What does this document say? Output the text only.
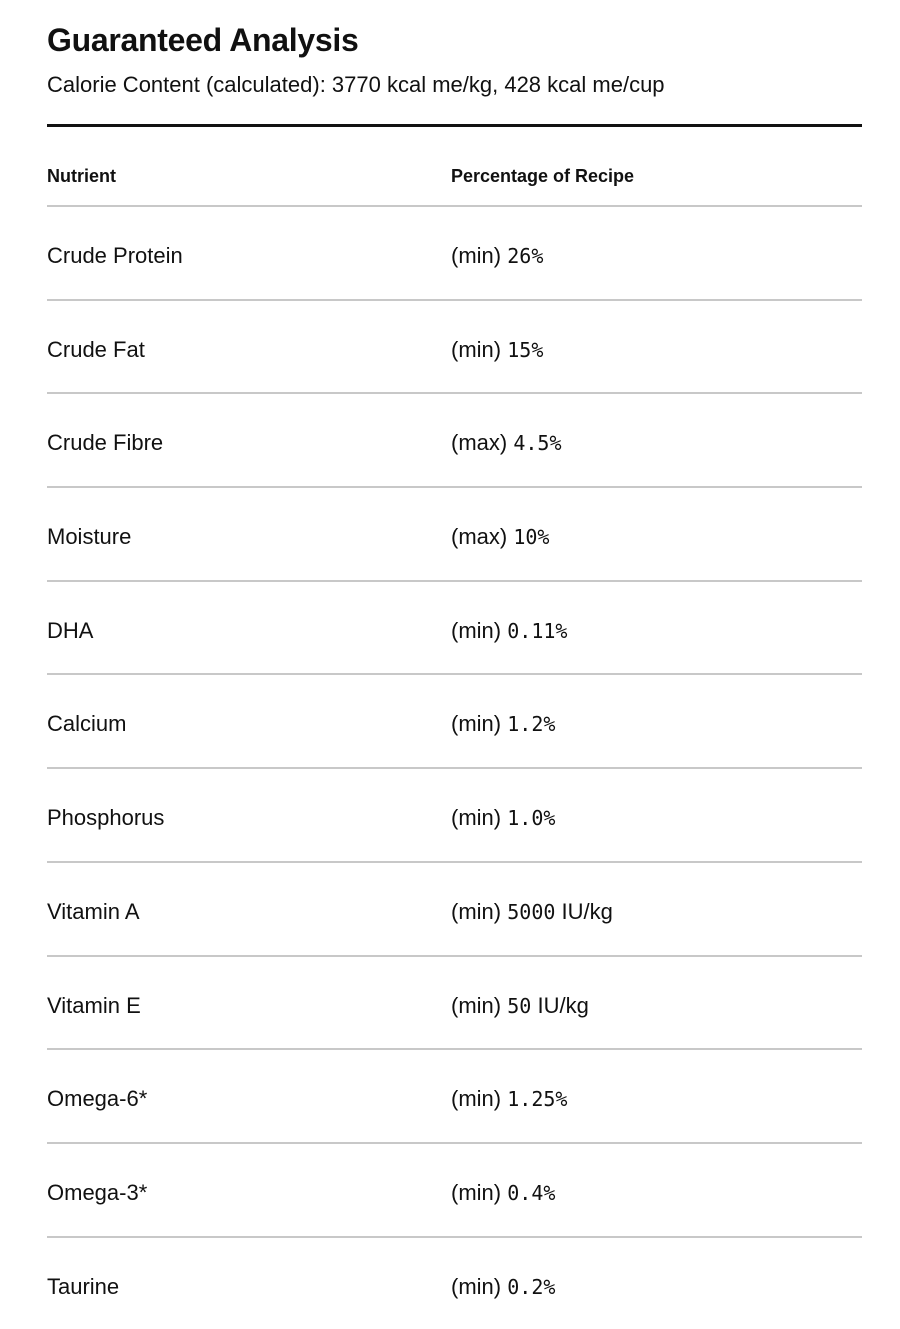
Guaranteed Analysis
Calorie Content (calculated): 3770 kcal me/kg, 428 kcal me/cup
Nutrient	Percentage of Recipe
Crude Protein	(min) 26%
Crude Fat	(min) 15%
Crude Fibre	(max) 4.5%
Moisture	(max) 10%
DHA	(min) 0.11%
Calcium	(min) 1.2%
Phosphorus	(min) 1.0%
Vitamin A	(min) 5000 IU/kg
Vitamin E	(min) 50 IU/kg
Omega-6*	(min) 1.25%
Omega-3*	(min) 0.4%
Taurine	(min) 0.2%
